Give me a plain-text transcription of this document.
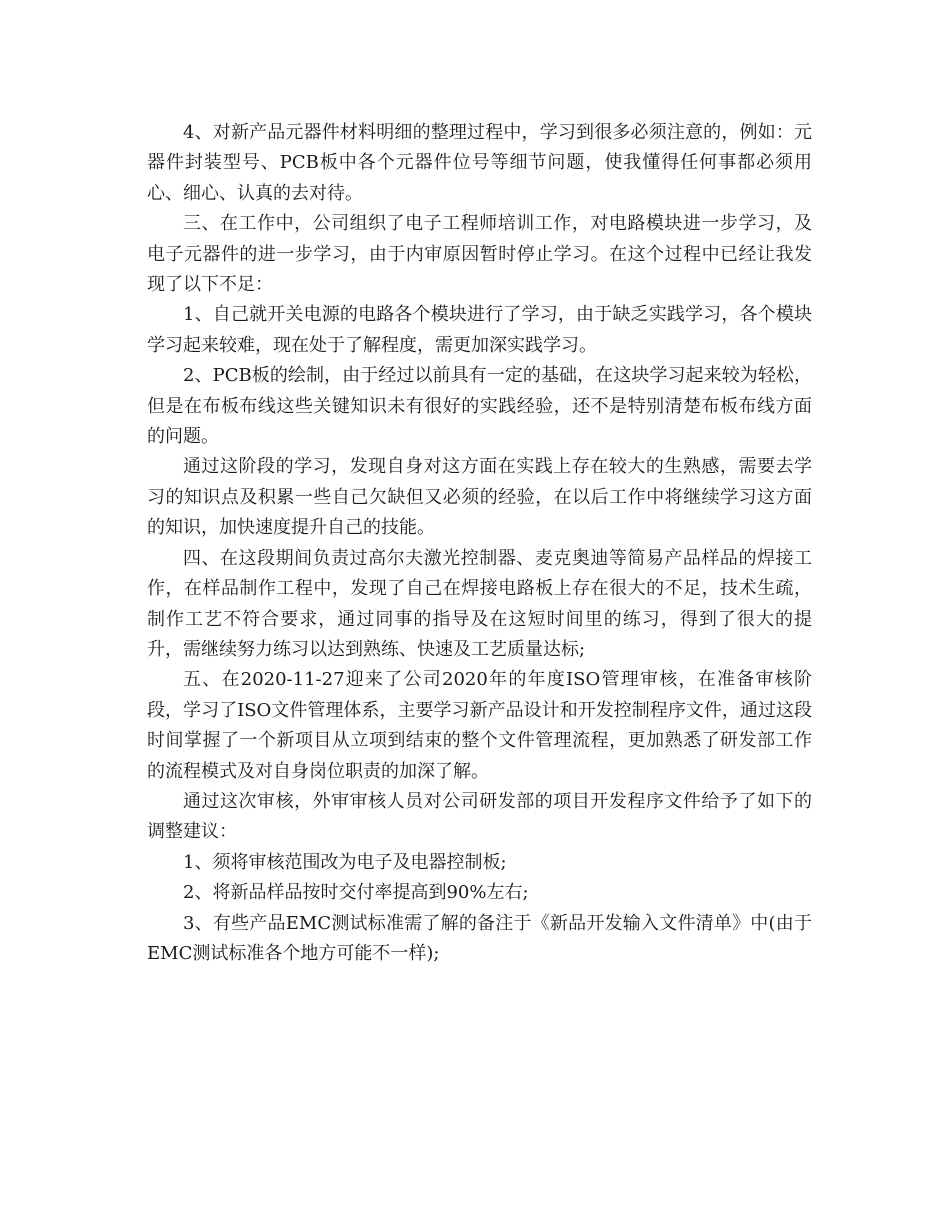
4、对新产品元器件材料明细的整理过程中，学习到很多必须注意的，例如：元器件封装型号、PCB板中各个元器件位号等细节问题，使我懂得任何事都必须用心、细心、认真的去对待。

三、在工作中，公司组织了电子工程师培训工作，对电路模块进一步学习，及电子元器件的进一步学习，由于内审原因暂时停止学习。在这个过程中已经让我发现了以下不足：

1、自己就开关电源的电路各个模块进行了学习，由于缺乏实践学习，各个模块学习起来较难，现在处于了解程度，需更加深实践学习。

2、PCB板的绘制，由于经过以前具有一定的基础，在这块学习起来较为轻松，但是在布板布线这些关键知识未有很好的实践经验，还不是特别清楚布板布线方面的问题。

通过这阶段的学习，发现自身对这方面在实践上存在较大的生熟感，需要去学习的知识点及积累一些自己欠缺但又必须的经验，在以后工作中将继续学习这方面的知识，加快速度提升自己的技能。

四、在这段期间负责过高尔夫激光控制器、麦克奥迪等简易产品样品的焊接工作，在样品制作工程中，发现了自己在焊接电路板上存在很大的不足，技术生疏，制作工艺不符合要求，通过同事的指导及在这短时间里的练习，得到了很大的提升，需继续努力练习以达到熟练、快速及工艺质量达标;

五、在2020-11-27迎来了公司2020年的年度ISO管理审核，在准备审核阶段，学习了ISO文件管理体系，主要学习新产品设计和开发控制程序文件，通过这段时间掌握了一个新项目从立项到结束的整个文件管理流程，更加熟悉了研发部工作的流程模式及对自身岗位职责的加深了解。

通过这次审核，外审审核人员对公司研发部的项目开发程序文件给予了如下的调整建议：

1、须将审核范围改为电子及电器控制板;

2、将新品样品按时交付率提高到90%左右;

3、有些产品EMC测试标准需了解的备注于《新品开发输入文件清单》中(由于EMC测试标准各个地方可能不一样);
